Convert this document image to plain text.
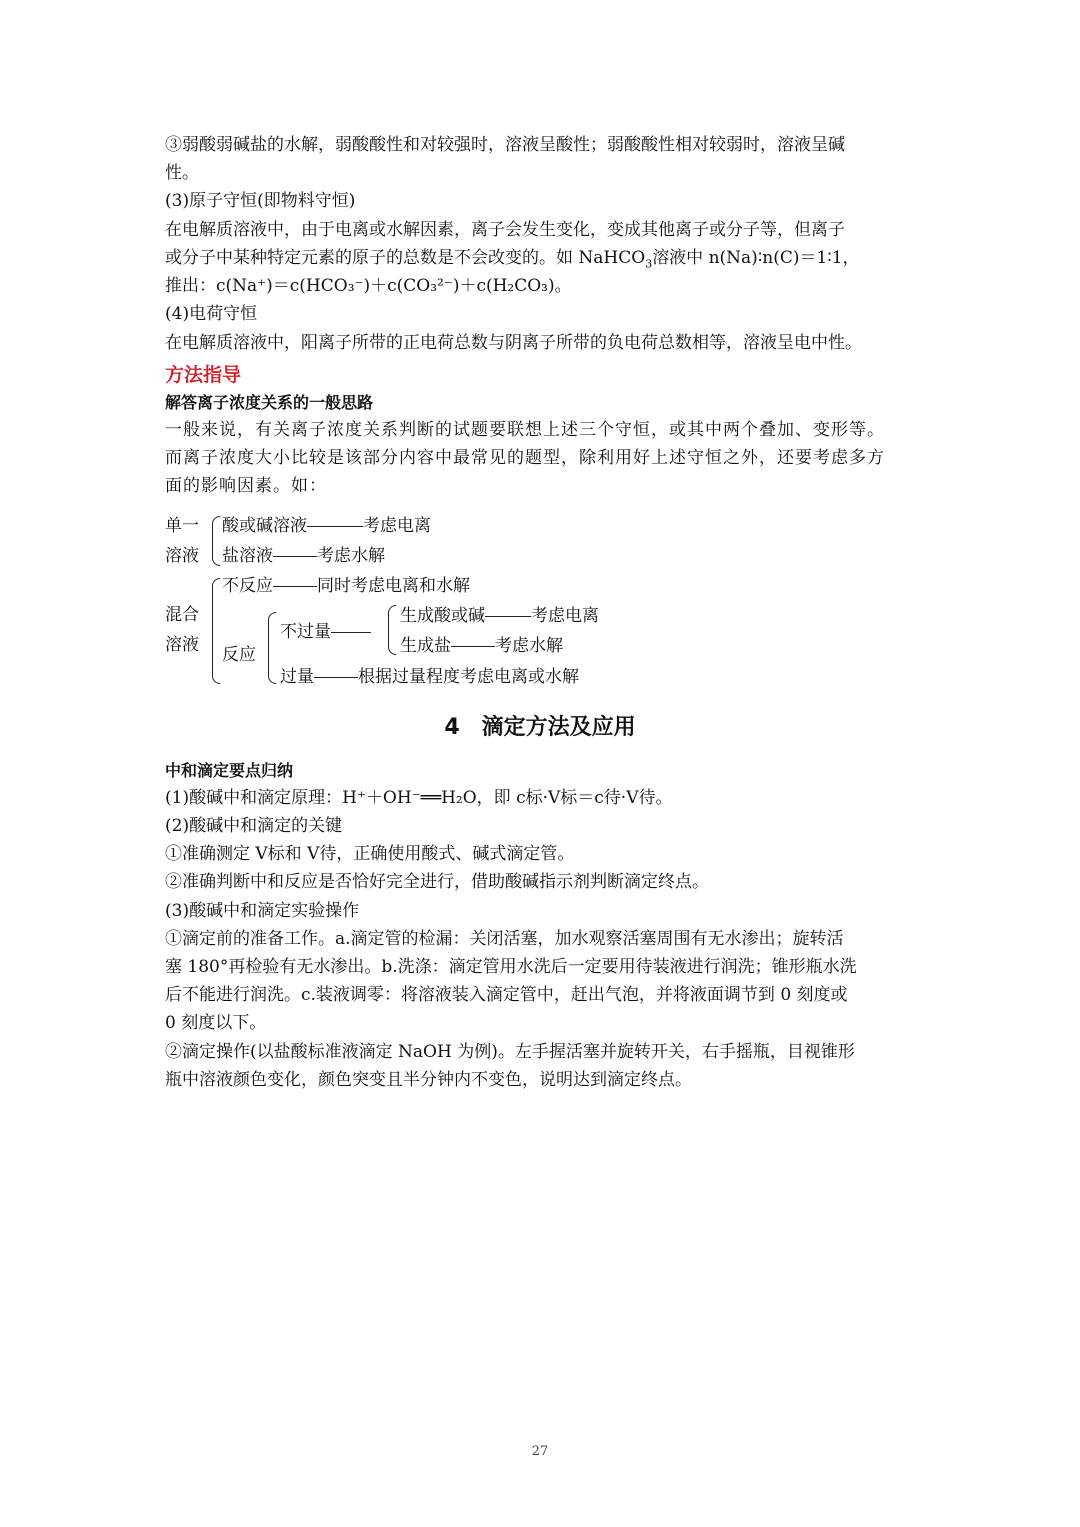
③弱酸弱碱盐的水解，弱酸酸性和对较强时，溶液呈酸性；弱酸酸性相对较弱时，溶液呈碱
性。
(3)原子守恒(即物料守恒)
在电解质溶液中，由于电离或水解因素，离子会发生变化，变成其他离子或分子等，但离子
或分子中某种特定元素的原子的总数是不会改变的。如 NaHCO$_3$溶液中 n(Na)∶n(C)＝1∶1，
推出：c(Na⁺)＝c(HCO₃⁻)＋c(CO₃²⁻)＋c(H₂CO₃)。
(4)电荷守恒
在电解质溶液中，阳离子所带的正电荷总数与阴离子所带的负电荷总数相等，溶液呈电中性。
方法指导
解答离子浓度关系的一般思路
一般来说，有关离子浓度关系判断的试题要联想上述三个守恒，或其中两个叠加、变形等。
而离子浓度大小比较是该部分内容中最常见的题型，除利用好上述守恒之外，还要考虑多方
面的影响因素。如：
单一
溶液
酸或碱溶液	考虑电离
盐溶液	考虑水解
混合
溶液
不反应	同时考虑电离和水解
反应
不过量
生成酸或碱	考虑电离
生成盐	考虑水解
过量	根据过量程度考虑电离或水解
4　滴定方法及应用
中和滴定要点归纳
(1)酸碱中和滴定原理：H⁺＋OH⁻══H₂O，即 c标·V标＝c待·V待。
(2)酸碱中和滴定的关键
①准确测定 V标和 V待，正确使用酸式、碱式滴定管。
②准确判断中和反应是否恰好完全进行，借助酸碱指示剂判断滴定终点。
(3)酸碱中和滴定实验操作
①滴定前的准备工作。a.滴定管的检漏：关闭活塞，加水观察活塞周围有无水渗出；旋转活
塞 180°再检验有无水渗出。b.洗涤：滴定管用水洗后一定要用待装液进行润洗；锥形瓶水洗
后不能进行润洗。c.装液调零：将溶液装入滴定管中，赶出气泡，并将液面调节到 0 刻度或
0 刻度以下。
②滴定操作(以盐酸标准液滴定 NaOH 为例)。左手握活塞并旋转开关，右手摇瓶，目视锥形
瓶中溶液颜色变化，颜色突变且半分钟内不变色，说明达到滴定终点。
27
